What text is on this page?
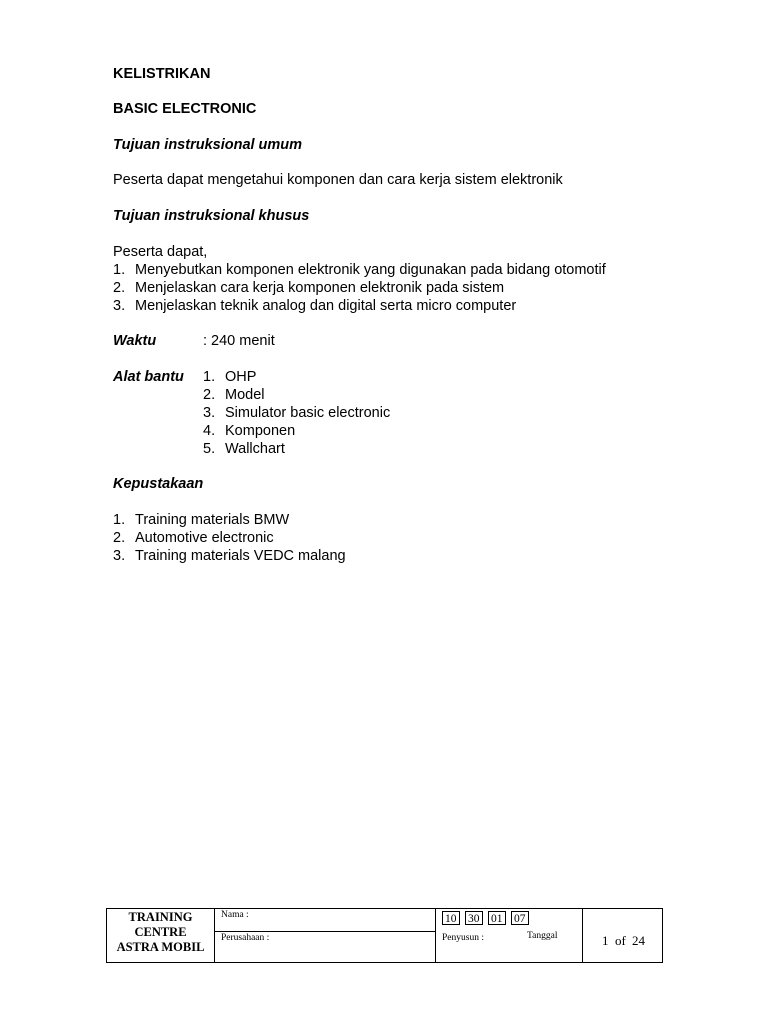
KELISTRIKAN
BASIC ELECTRONIC
Tujuan instruksional umum
Peserta dapat mengetahui komponen dan cara kerja sistem elektronik
Tujuan instruksional khusus
Peserta dapat,
1. Menyebutkan komponen elektronik yang digunakan pada bidang otomotif
2. Menjelaskan cara kerja komponen elektronik pada sistem
3. Menjelaskan teknik analog dan digital serta micro computer
Waktu	: 240 menit
Alat bantu 1. OHP
2. Model
3. Simulator basic electronic
4. Komponen
5. Wallchart
Kepustakaan
1. Training materials BMW
2. Automotive electronic
3. Training materials VEDC malang
TRAINING
CENTRE
ASTRA MOBIL
Nama :
Perusahaan :
10 30 01 07
Penyusun :	Tanggal	1 of 24
